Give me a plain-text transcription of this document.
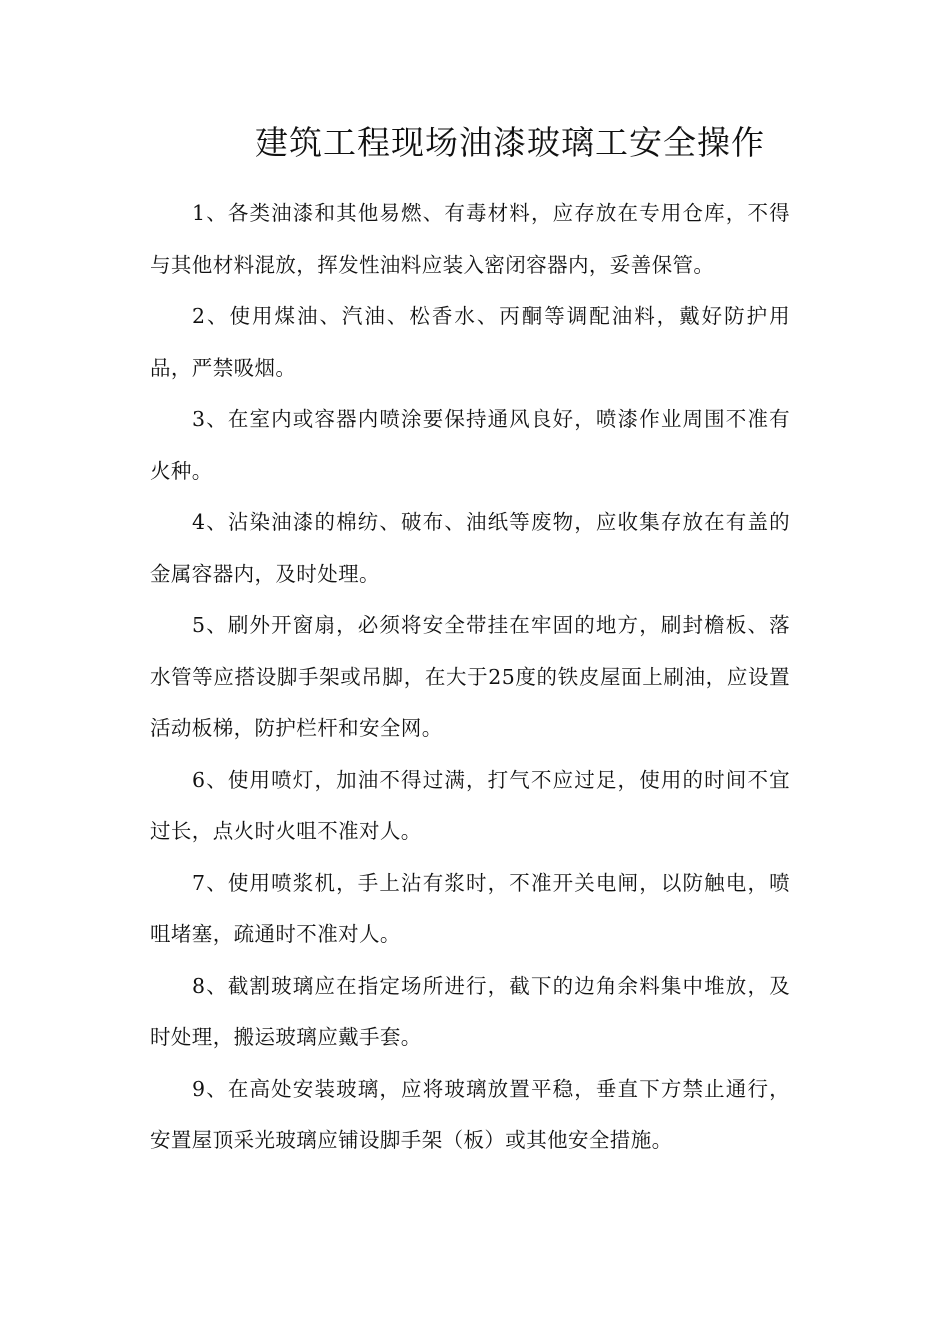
建筑工程现场油漆玻璃工安全操作

1、各类油漆和其他易燃、有毒材料，应存放在专用仓库，不得与其他材料混放，挥发性油料应装入密闭容器内，妥善保管。

2、使用煤油、汽油、松香水、丙酮等调配油料，戴好防护用品，严禁吸烟。

3、在室内或容器内喷涂要保持通风良好，喷漆作业周围不准有火种。

4、沾染油漆的棉纺、破布、油纸等废物，应收集存放在有盖的金属容器内，及时处理。

5、刷外开窗扇，必须将安全带挂在牢固的地方，刷封檐板、落水管等应搭设脚手架或吊脚，在大于25度的铁皮屋面上刷油，应设置活动板梯，防护栏杆和安全网。

6、使用喷灯，加油不得过满，打气不应过足，使用的时间不宜过长，点火时火咀不准对人。

7、使用喷浆机，手上沾有浆时，不准开关电闸，以防触电，喷咀堵塞，疏通时不准对人。

8、截割玻璃应在指定场所进行，截下的边角余料集中堆放，及时处理，搬运玻璃应戴手套。

9、在高处安装玻璃，应将玻璃放置平稳，垂直下方禁止通行，安置屋顶采光玻璃应铺设脚手架（板）或其他安全措施。
